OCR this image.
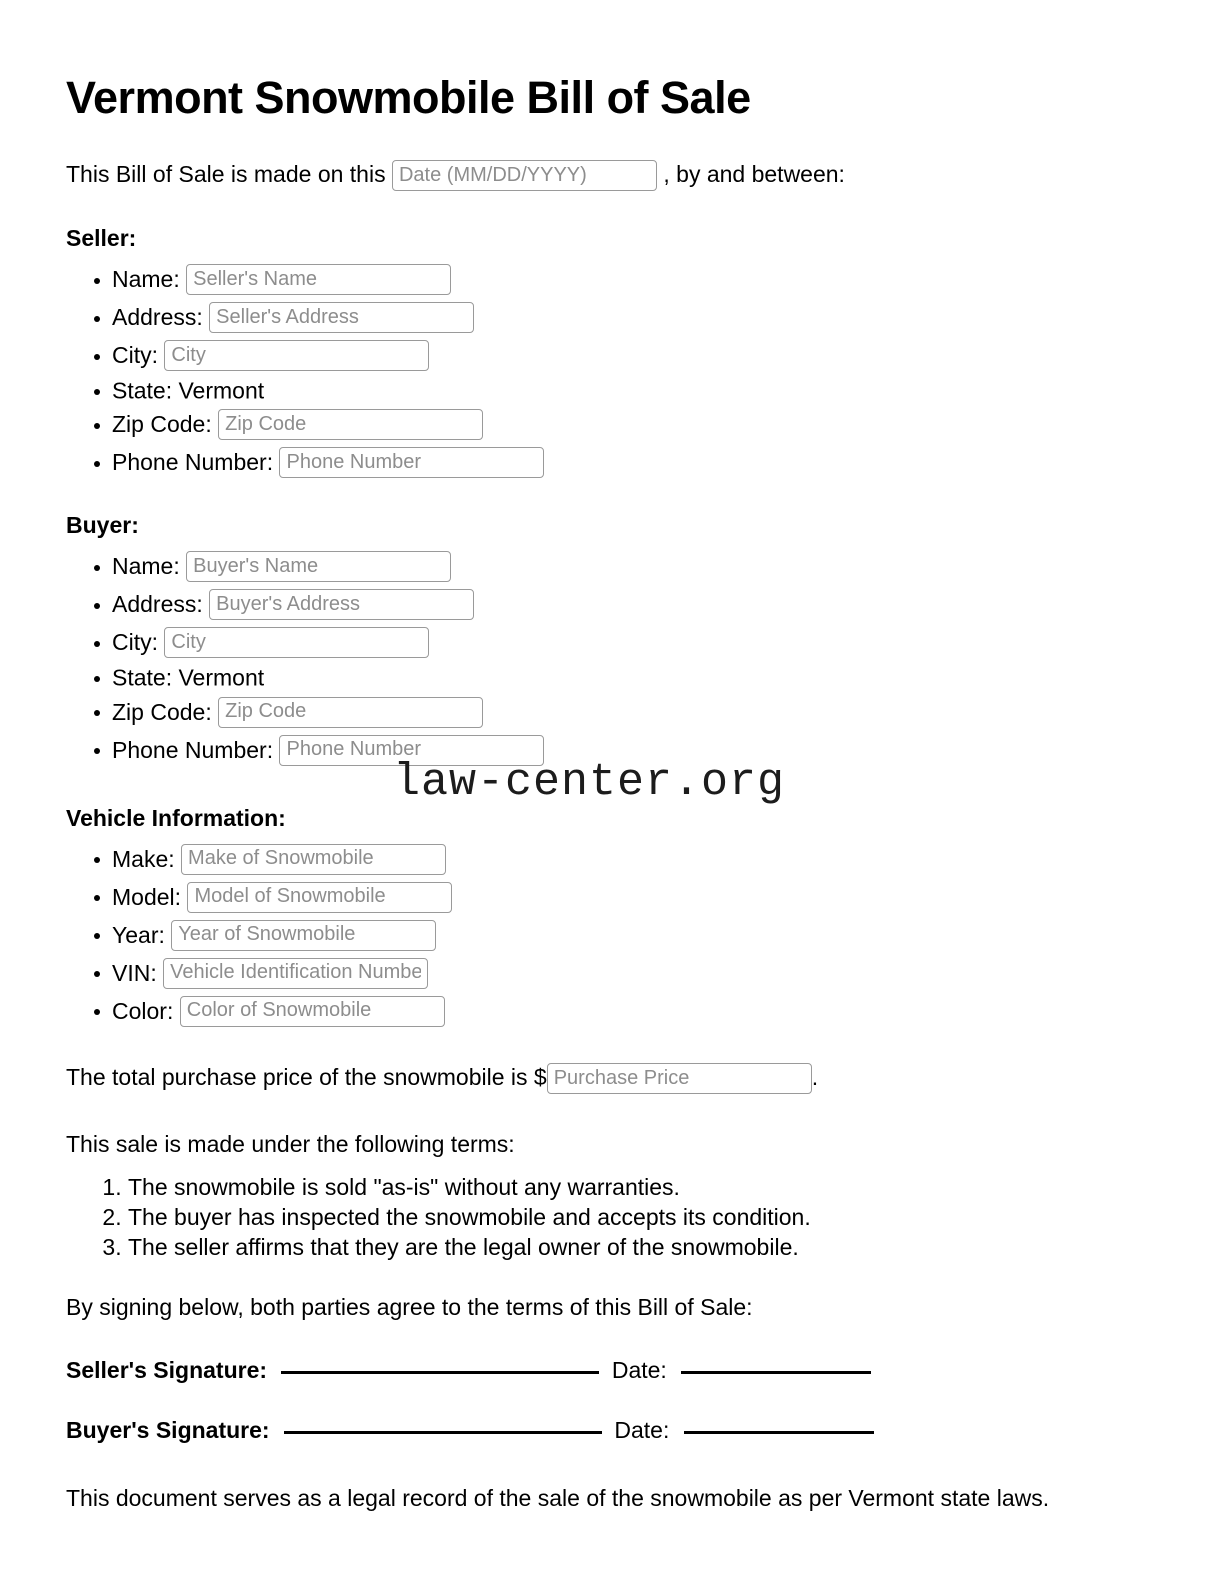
Vermont Snowmobile Bill of Sale

This Bill of Sale is made on this Date (MM/DD/YYYY)	, by and between:

Seller:
• Name: Seller's Name
• Address: Seller's Address
• City: City
• State: Vermont
• Zip Code: Zip Code
• Phone Number: Phone Number
Buyer:
• Name: Buyer's Name
• Address: Buyer's Address
• City: City
• State: Vermont
• Zip Code: Zip Code
• Phone Number: Phone Number
Vehicle Information:
• Make: Make of Snowmobile
• Model: Model of Snowmobile
• Year: Year of Snowmobile
• VIN: Vehicle Identification Number
• Color: Color of Snowmobile

The total purchase price of the snowmobile is $Purchase Price	.

This sale is made under the following terms:

1. The snowmobile is sold "as-is" without any warranties.
2. The buyer has inspected the snowmobile and accepts its condition.
3. The seller affirms that they are the legal owner of the snowmobile.

By signing below, both parties agree to the terms of this Bill of Sale:

Seller's Signature:	Date:
Buyer's Signature:	Date:

This document serves as a legal record of the sale of the snowmobile as per Vermont state laws.

law-center.org
